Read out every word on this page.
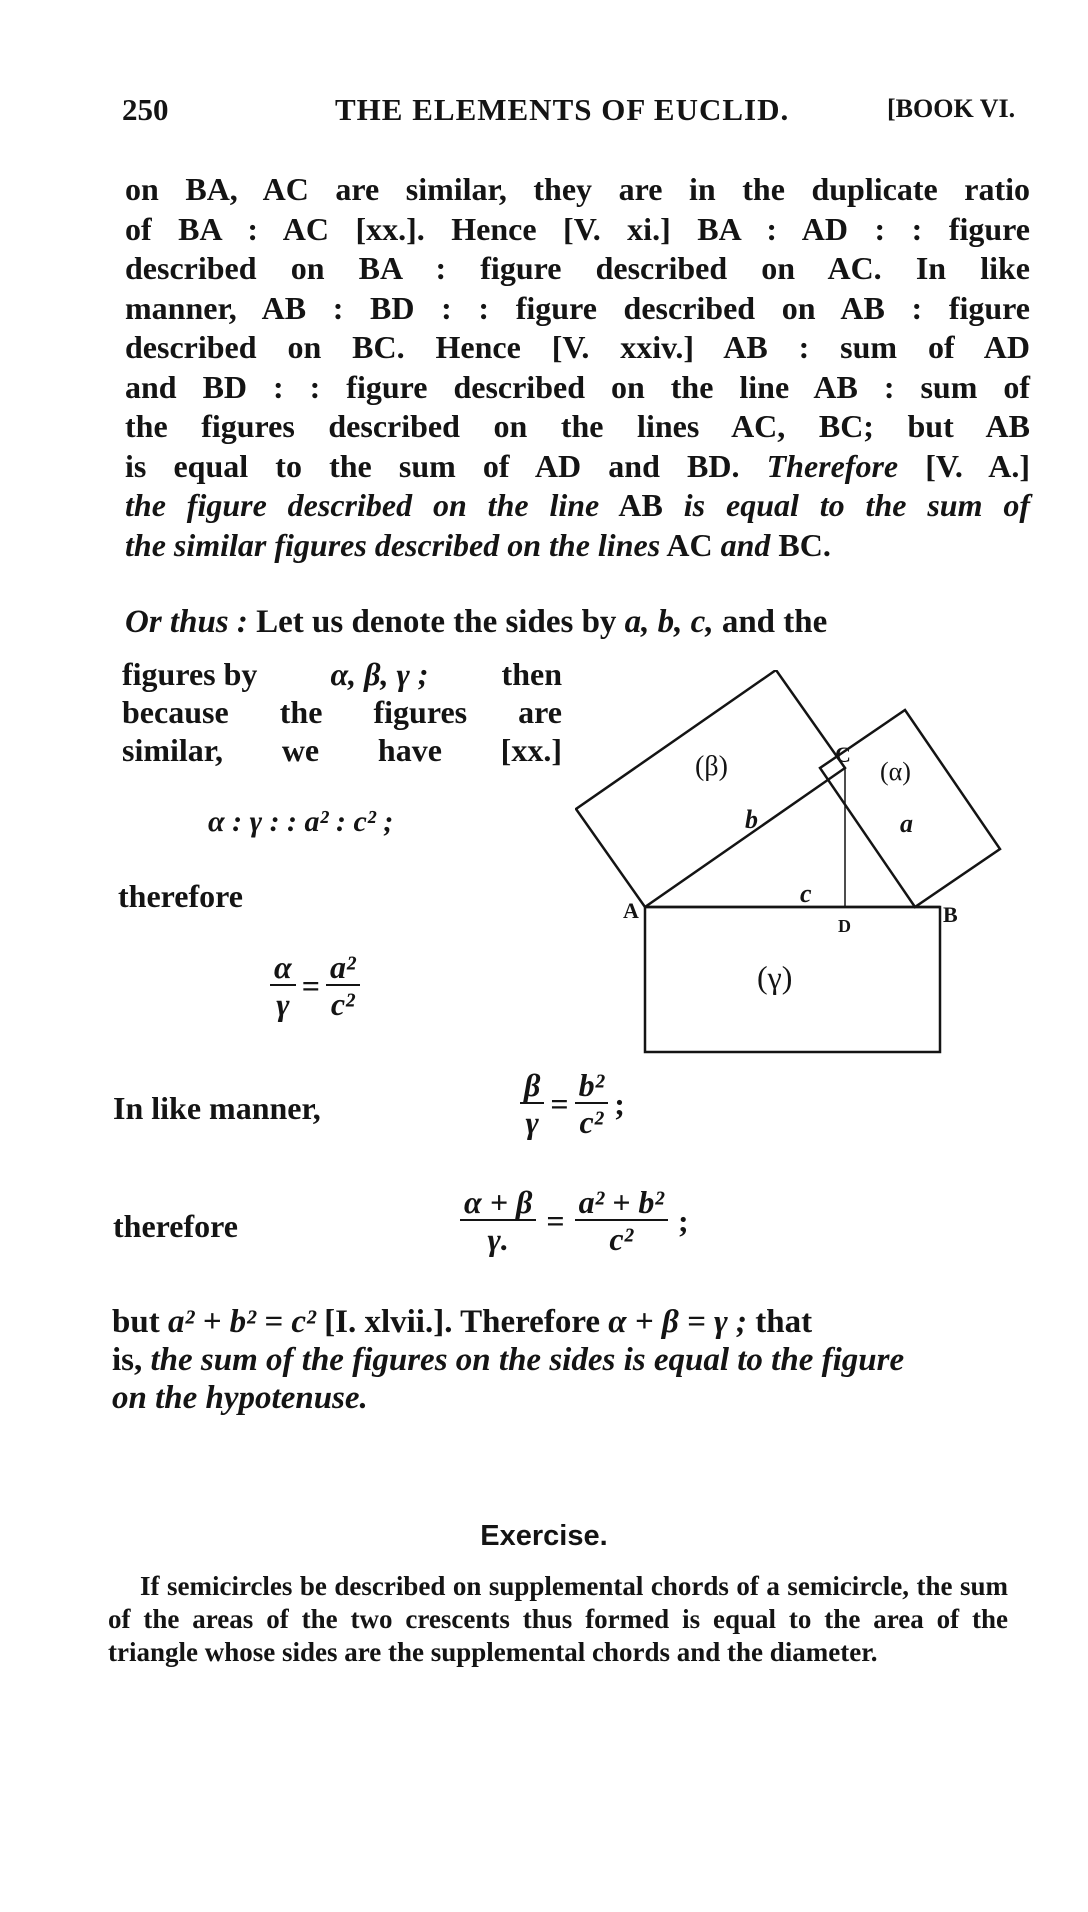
250	THE ELEMENTS OF EUCLID.	[BOOK VI.
on BA, AC are similar, they are in the duplicate ratio
of BA : AC [xx.]. Hence [V. xi.] BA : AD : : figure
described on BA : figure described on AC. In like
manner, AB : BD : : figure described on AB : figure
described on BC. Hence [V. xxiv.] AB : sum of AD
and BD : : figure described on the line AB : sum of
the figures described on the lines AC, BC; but AB
is equal to the sum of AD and BD. Therefore [V. A.]
the figure described on the line AB is equal to the sum of

the similar figures described on the lines AC and BC.
Or thus : Let us denote the sides by a, b, c, and the
figures by α, β, γ ; then
because the figures are
similar, we have [xx.]
α : γ : : a² : c² ;
therefore
$\frac{\alpha}{\gamma} = \frac{\text{a²}}{\text{c²}}$
A	B
C
D
b	a
c
(β)	(α)
(γ)
In like manner,	$\frac{\beta}{\gamma} = \frac{\text{b²}}{\text{c²}}$ ;
therefore	$\frac{\alpha + \beta}{\gamma.} = \frac{\text{a² + b²}}{\text{c²}}$ ;
but a² + b² = c² [I. xlvii.]. Therefore α + β = γ ; that
is, the sum of the figures on the sides is equal to the figure
on the hypotenuse.
Exercise.
If semicircles be described on supplemental chords of a semicircle, the sum of the areas of the two crescents thus formed is equal to the area of the triangle whose sides are the supplemental chords and the diameter.
